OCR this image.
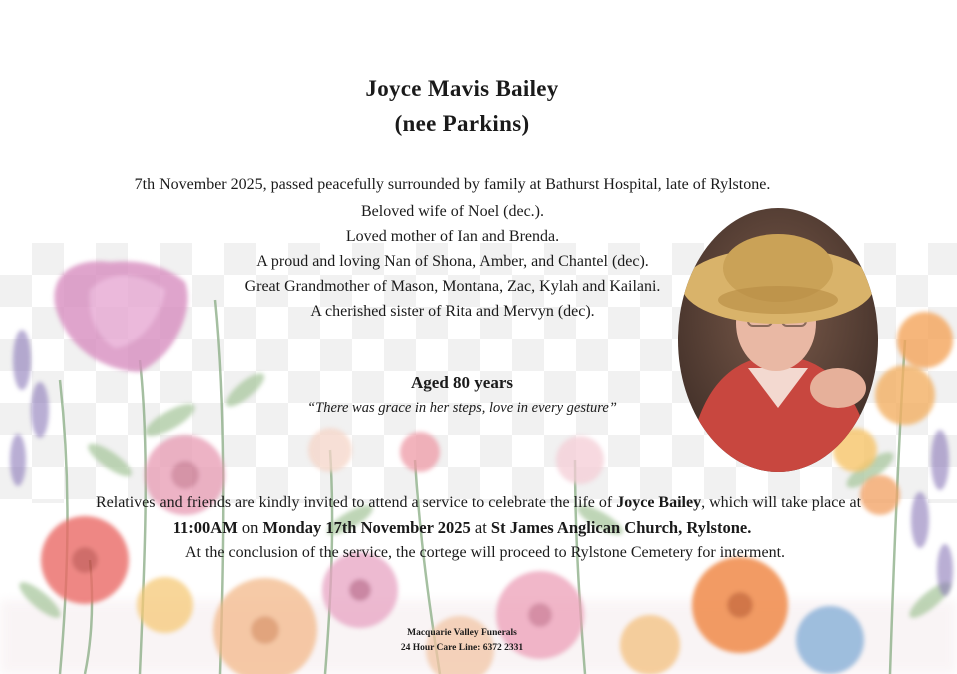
Joyce Mavis Bailey
(nee Parkins)
7th November 2025, passed peacefully surrounded by family at Bathurst Hospital, late of Rylstone.
Beloved wife of Noel (dec.).
Loved mother of Ian and Brenda.
A proud and loving Nan of Shona, Amber, and Chantel (dec).
Great Grandmother of Mason, Montana, Zac, Kylah and Kailani.
A cherished sister of Rita and Mervyn (dec).
Aged 80 years
“There was grace in her steps, love in every gesture”
Relatives and friends are kindly invited to attend a service to celebrate the life of Joyce Bailey, which will take place at
11:00AM on Monday 17th November 2025 at St James Anglican Church, Rylstone.
At the conclusion of the service, the cortege will proceed to Rylstone Cemetery for interment.
Macquarie Valley Funerals
24 Hour Care Line: 6372 2331
